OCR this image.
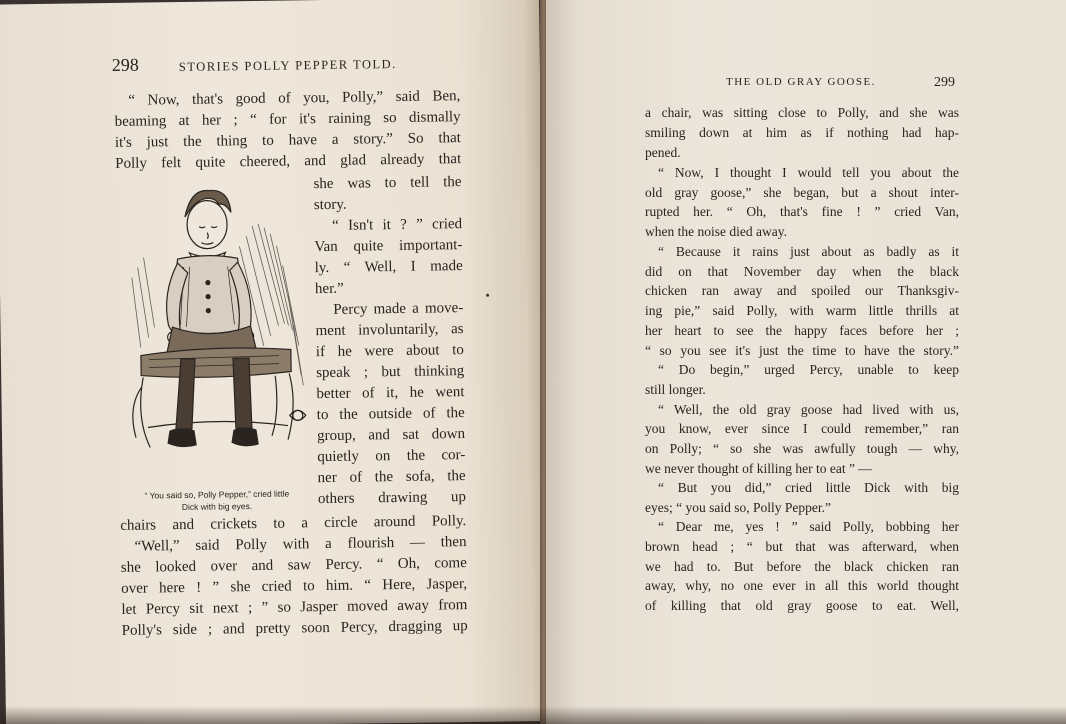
298	STORIES POLLY PEPPER TOLD.
“ Now, that's good of you, Polly,” said Ben,
beaming at her ; “ for it's raining so dismally
it's just the thing to have a story.” So that
Polly felt quite cheered, and glad already that
she was to tell the
story.
“ Isn't it ? ” cried
Van quite important-
ly. “ Well, I made
her.”
Percy made a move-
ment involuntarily, as
if he were about to
speak ; but thinking
better of it, he went
to the outside of the
group, and sat down
quietly on the cor-
ner of the sofa, the
others drawing up
chairs and crickets to a circle around Polly.
“Well,” said Polly with a flourish — then
she looked over and saw Percy. “ Oh, come
over here ! ” she cried to him. “ Here, Jasper,
let Percy sit next ; ” so Jasper moved away from
Polly's side ; and pretty soon Percy, dragging up
“ You said so, Polly Pepper,” cried little
Dick with big eyes.
THE OLD GRAY GOOSE.	299
a chair, was sitting close to Polly, and she was
smiling down at him as if nothing had hap-
pened.
“ Now, I thought I would tell you about the
old gray goose,” she began, but a shout inter-
rupted her. “ Oh, that's fine ! ” cried Van,
when the noise died away.
“ Because it rains just about as badly as it
did on that November day when the black
chicken ran away and spoiled our Thanksgiv-
ing pie,” said Polly, with warm little thrills at
her heart to see the happy faces before her ;
“ so you see it's just the time to have the story.”
“ Do begin,” urged Percy, unable to keep
still longer.
“ Well, the old gray goose had lived with us,
you know, ever since I could remember,” ran
on Polly; “ so she was awfully tough — why,
we never thought of killing her to eat ” —
“ But you did,” cried little Dick with big
eyes; “ you said so, Polly Pepper.”
“ Dear me, yes ! ” said Polly, bobbing her
brown head ; “ but that was afterward, when
we had to. But before the black chicken ran
away, why, no one ever in all this world thought
of killing that old gray goose to eat. Well,
